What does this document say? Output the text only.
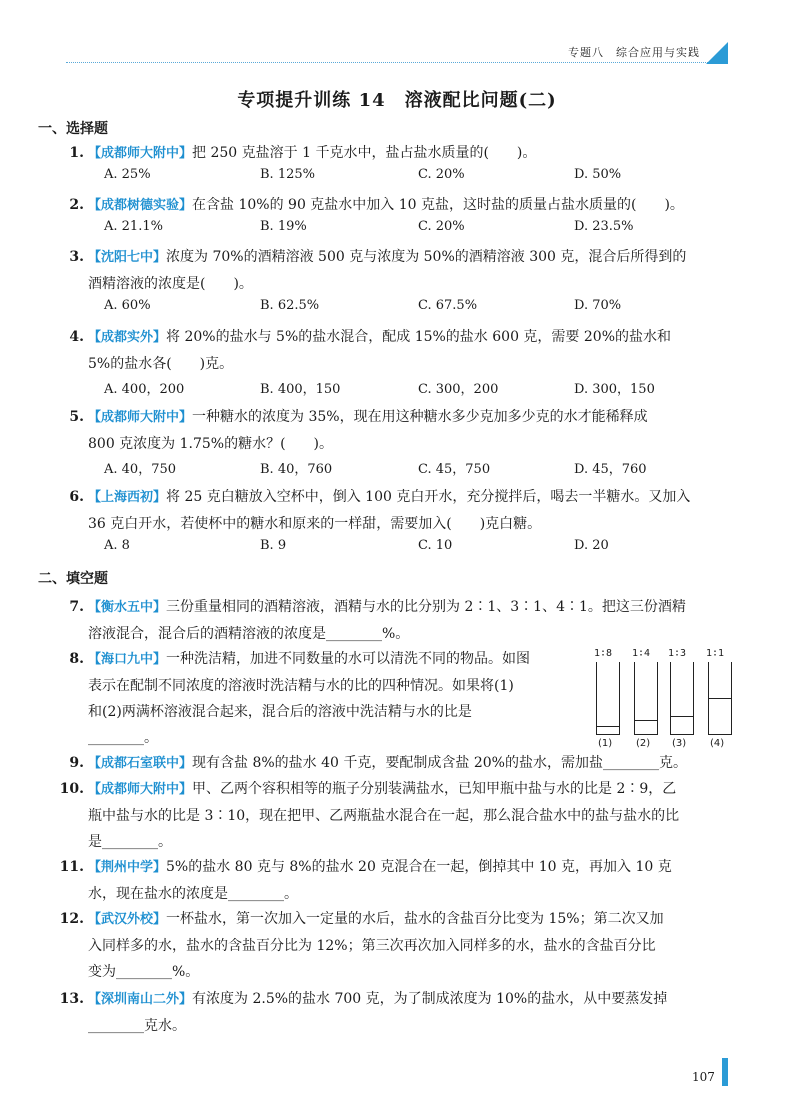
专题八　综合应用与实践
专项提升训练 14　溶液配比问题(二)
一、选择题
二、填空题
1. 【成都师大附中】把 250 克盐溶于 1 千克水中，盐占盐水质量的(　　)。
A. 25%	B. 125%	C. 20%	D. 50%
2. 【成都树德实验】在含盐 10%的 90 克盐水中加入 10 克盐，这时盐的质量占盐水质量的(　　)。
A. 21.1%	B. 19%	C. 20%	D. 23.5%
3. 【沈阳七中】浓度为 70%的酒精溶液 500 克与浓度为 50%的酒精溶液 300 克，混合后所得到的
酒精溶液的浓度是(　　)。
A. 60%	B. 62.5%	C. 67.5%	D. 70%
4. 【成都实外】将 20%的盐水与 5%的盐水混合，配成 15%的盐水 600 克，需要 20%的盐水和
5%的盐水各(　　)克。
A. 400，200	B. 400，150	C. 300，200	D. 300，150
5. 【成都师大附中】一种糖水的浓度为 35%，现在用这种糖水多少克加多少克的水才能稀释成
800 克浓度为 1.75%的糖水？(　　)。
A. 40，750	B. 40，760	C. 45，750	D. 45，760
6. 【上海西初】将 25 克白糖放入空杯中，倒入 100 克白开水，充分搅拌后，喝去一半糖水。又加入
36 克白开水，若使杯中的糖水和原来的一样甜，需要加入(　　)克白糖。
A. 8	B. 9	C. 10	D. 20
7. 【衡水五中】三份重量相同的酒精溶液，酒精与水的比分别为 2∶1、3∶1、4∶1。把这三份酒精
溶液混合，混合后的酒精溶液的浓度是________%。
8. 【海口九中】一种洗洁精，加进不同数量的水可以清洗不同的物品。如图
表示在配制不同浓度的溶液时洗洁精与水的比的四种情况。如果将(1)
和(2)两满杯溶液混合起来，混合后的溶液中洗洁精与水的比是
________。
9. 【成都石室联中】现有含盐 8%的盐水 40 千克，要配制成含盐 20%的盐水，需加盐________克。
10. 【成都师大附中】甲、乙两个容积相等的瓶子分别装满盐水，已知甲瓶中盐与水的比是 2∶9，乙
瓶中盐与水的比是 3∶10，现在把甲、乙两瓶盐水混合在一起，那么混合盐水中的盐与盐水的比
是________。
11. 【荆州中学】5%的盐水 80 克与 8%的盐水 20 克混合在一起，倒掉其中 10 克，再加入 10 克
水，现在盐水的浓度是________。
12. 【武汉外校】一杯盐水，第一次加入一定量的水后，盐水的含盐百分比变为 15%；第二次又加
入同样多的水，盐水的含盐百分比为 12%；第三次再次加入同样多的水，盐水的含盐百分比
变为________%。
13. 【深圳南山二外】有浓度为 2.5%的盐水 700 克，为了制成浓度为 10%的盐水，从中要蒸发掉
________克水。
1∶8
(1)
1∶4
(2)
1∶3
(3)
1∶1
(4)
107
